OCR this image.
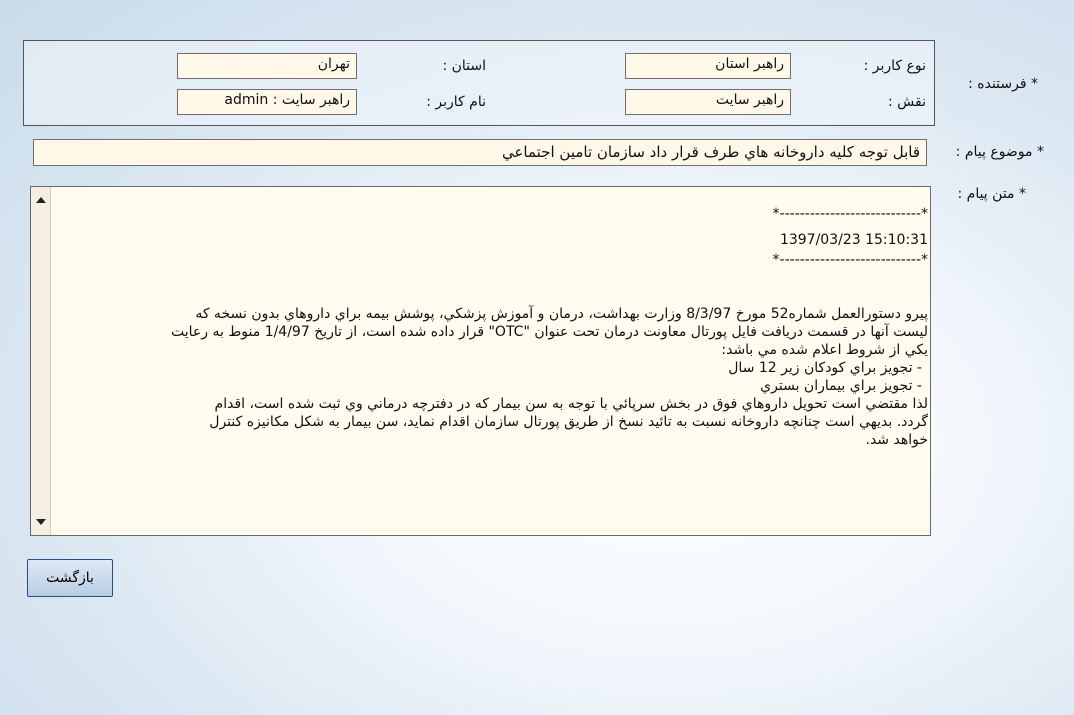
* فرستنده :
نوع کاربر :
راهبر استان
استان :
تهران
نقش :
راهبر سایت
نام کاربر :
راهبر سایت : admin
* موضوع پیام :
قابل توجه کلیه داروخانه هاي طرف قرار داد سازمان تامین اجتماعي
* متن پیام :
*----------------------------*
15:10:31 1397/03/23
*----------------------------*
پیرو دستورالعمل شماره52 مورخ 8/3/97 وزارت بهداشت، درمان و آموزش پزشکي، پوشش بیمه براي داروهاي بدون نسخه که
لیست آنها در قسمت دریافت فایل پورتال معاونت درمان تحت عنوان "OTC" قرار داده شده است، از تاریخ 1/4/97 منوط به رعایت
یکي از شروط اعلام شده مي باشد:
- تجویز براي کودکان زیر 12 سال
- تجویز براي بیماران بستري
لذا مقتضي است تحویل داروهاي فوق در بخش سرپائي با توجه به سن بیمار که در دفترچه درماني وي ثبت شده است، اقدام
گردد. بدیهي است چنانچه داروخانه نسبت به تائید نسخ از طریق پورتال سازمان اقدام نماید، سن بیمار به شکل مکانیزه کنترل
خواهد شد.
بازگشت
